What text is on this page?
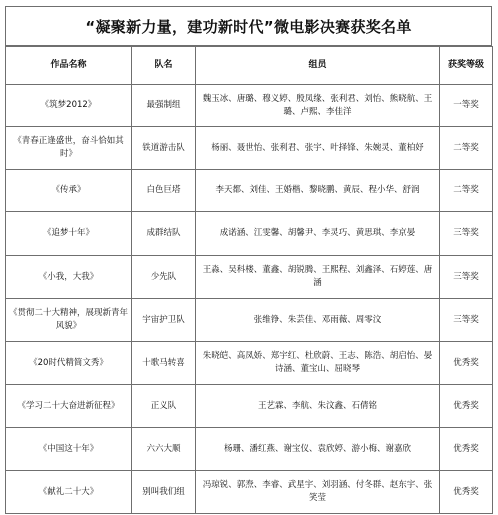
“凝聚新力量，建功新时代”微电影决赛获奖名单
作品名称	队名	组员	获奖等级
《筑梦2012》	最强制组	魏玉冰、唐璐、穆义婷、殷凤缘、张利君、刘怡、熊晓航、王璐、卢熙、李佳洋	一等奖
《青春正逢盛世，奋斗恰如其时》	铁道游击队	杨丽、聂世怡、张利君、张宇、叶择锋、朱婉灵、董柏妤	二等奖
《传承》	白色巨塔	李天都、刘佳、王婚楷、黎晓鹏、黄辰、程小华、舒润	二等奖
《追梦十年》	成群结队	成诺涵、江雯馨、胡馨尹、李灵巧、黄思琪、李京晏	三等奖
《小我，大我》	少先队	王淼、吴科楼、董鑫、胡锐腾、王熙程、刘鑫泽、石婷莲、唐涵	三等奖
《贯彻二十大精神，展现新青年风貌》	宇宙护卫队	张维铮、朱芸佳、邓雨薇、周零汶	三等奖
《20时代精简文秀》	十歌马转喜	朱晓皑、高凤娇、郑宇红、杜欣蔚、王志、陈浩、胡启怡、晏诗涵、董宝山、屈晓琴	优秀奖
《学习二十大奋进新征程》	正义队	王艺霖、李航、朱汶鑫、石倩铭	优秀奖
《中国这十年》	六六大顺	杨珊、潘红燕、谢宝仪、袁欣婷、游小梅、谢嘉欣	优秀奖
《献礼二十大》	别叫我们组	冯琼锐、郭焘、李睿、武星宇、刘羽涵、付冬群、赵东宇、张笑莹	优秀奖
